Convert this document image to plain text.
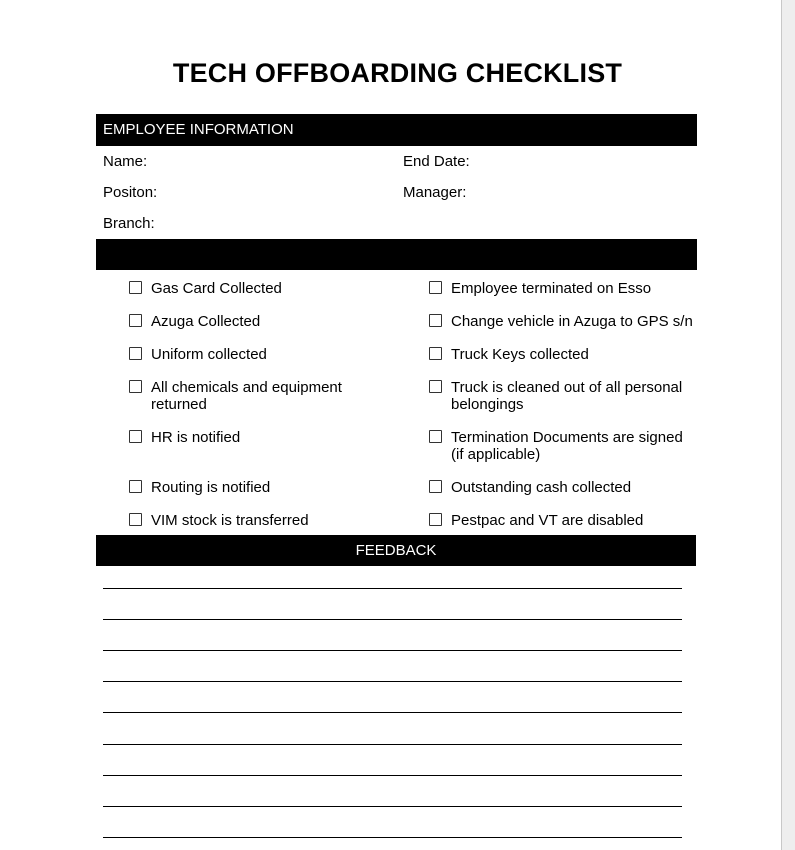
TECH OFFBOARDING CHECKLIST
EMPLOYEE INFORMATION
Name:	End Date:
Positon:	Manager:
Branch:
Gas Card Collected
Azuga Collected
Uniform collected
All chemicals and equipment returned
HR is notified
Routing is notified
VIM stock is transferred
Employee terminated on Esso
Change vehicle in Azuga to GPS s/n
Truck Keys collected
Truck is cleaned out of all personal belongings
Termination Documents are signed (if applicable)
Outstanding cash collected
Pestpac and VT are disabled
FEEDBACK
